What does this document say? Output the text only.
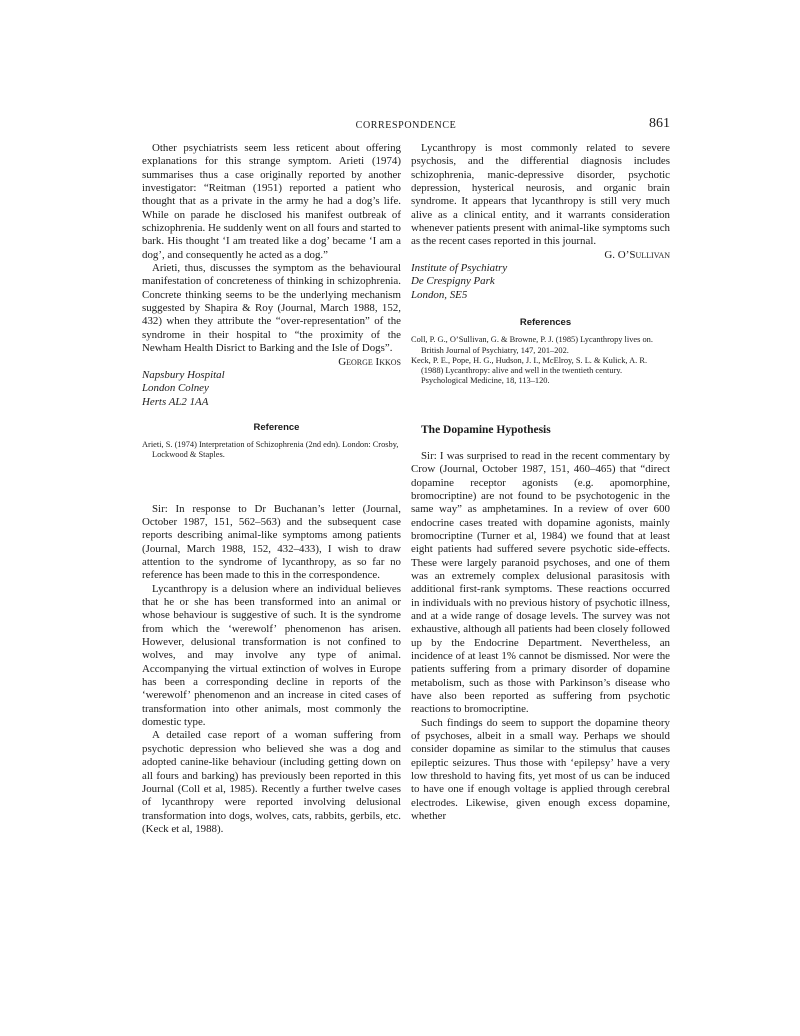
CORRESPONDENCE	861

Other psychiatrists seem less reticent about offering explanations for this strange symptom. Arieti (1974) summarises thus a case originally reported by another investigator: “Reitman (1951) reported a patient who thought that as a private in the army he had a dog’s life. While on parade he disclosed his manifest outbreak of schizophrenia. He suddenly went on all fours and started to bark. His thought ‘I am treated like a dog’ became ‘I am a dog’, and consequently he acted as a dog.”

Arieti, thus, discusses the symptom as the behavioural manifestation of concreteness of thinking in schizophrenia. Concrete thinking seems to be the underlying mechanism suggested by Shapira & Roy (Journal, March 1988, 152, 432) when they attribute the “over-representation” of the syndrome in their hospital to “the proximity of the Newham Health Disrict to Barking and the Isle of Dogs”.

George Ikkos

Napsbury Hospital

London Colney

Herts AL2 1AA

Reference

Arieti, S. (1974) Interpretation of Schizophrenia (2nd edn). London: Crosby, Lockwood & Staples.

Sir: In response to Dr Buchanan’s letter (Journal, October 1987, 151, 562–563) and the subsequent case reports describing animal-like symptoms among patients (Journal, March 1988, 152, 432–433), I wish to draw attention to the syndrome of lycanthropy, as so far no reference has been made to this in the correspondence.

Lycanthropy is a delusion where an individual believes that he or she has been transformed into an animal or whose behaviour is suggestive of such. It is the syndrome from which the ‘werewolf’ phenomenon has arisen. However, delusional transformation is not confined to wolves, and may involve any type of animal. Accompanying the virtual extinction of wolves in Europe has been a corresponding decline in reports of the ‘werewolf’ phenomenon and an increase in cited cases of transformation into other animals, most commonly the domestic type.

A detailed case report of a woman suffering from psychotic depression who believed she was a dog and adopted canine-like behaviour (including getting down on all fours and barking) has previously been reported in this Journal (Coll et al, 1985). Recently a further twelve cases of lycanthropy were reported involving delusional transformation into dogs, wolves, cats, rabbits, gerbils, etc. (Keck et al, 1988).

Lycanthropy is most commonly related to severe psychosis, and the differential diagnosis includes schizophrenia, manic-depressive disorder, psychotic depression, hysterical neurosis, and organic brain syndrome. It appears that lycanthropy is still very much alive as a clinical entity, and it warrants consideration whenever patients present with animal-like symptoms such as the recent cases reported in this journal.

G. O’Sullivan

Institute of Psychiatry

De Crespigny Park

London, SE5

References

Coll, P. G., O’Sullivan, G. & Browne, P. J. (1985) Lycanthropy lives on. British Journal of Psychiatry, 147, 201–202.

Keck, P. E., Pope, H. G., Hudson, J. I., McElroy, S. L. & Kulick, A. R. (1988) Lycanthropy: alive and well in the twentieth century. Psychological Medicine, 18, 113–120.

The Dopamine Hypothesis

Sir: I was surprised to read in the recent commentary by Crow (Journal, October 1987, 151, 460–465) that “direct dopamine receptor agonists (e.g. apomorphine, bromocriptine) are not found to be psychotogenic in the same way” as amphetamines. In a review of over 600 endocrine cases treated with dopamine agonists, mainly bromocriptine (Turner et al, 1984) we found that at least eight patients had suffered severe psychotic side-effects. These were largely paranoid psychoses, and one of them was an extremely complex delusional parasitosis with additional first-rank symptoms. These reactions occurred in individuals with no previous history of psychotic illness, and at a wide range of dosage levels. The survey was not exhaustive, although all patients had been closely followed up by the Endocrine Department. Nevertheless, an incidence of at least 1% cannot be dismissed. Nor were the patients suffering from a primary disorder of dopamine metabolism, such as those with Parkinson’s disease who have also been reported as suffering from psychotic reactions to bromocriptine.

Such findings do seem to support the dopamine theory of psychoses, albeit in a small way. Perhaps we should consider dopamine as similar to the stimulus that causes epileptic seizures. Thus those with ‘epilepsy’ have a very low threshold to having fits, yet most of us can be induced to have one if enough voltage is applied through cerebral electrodes. Likewise, given enough excess dopamine, whether
